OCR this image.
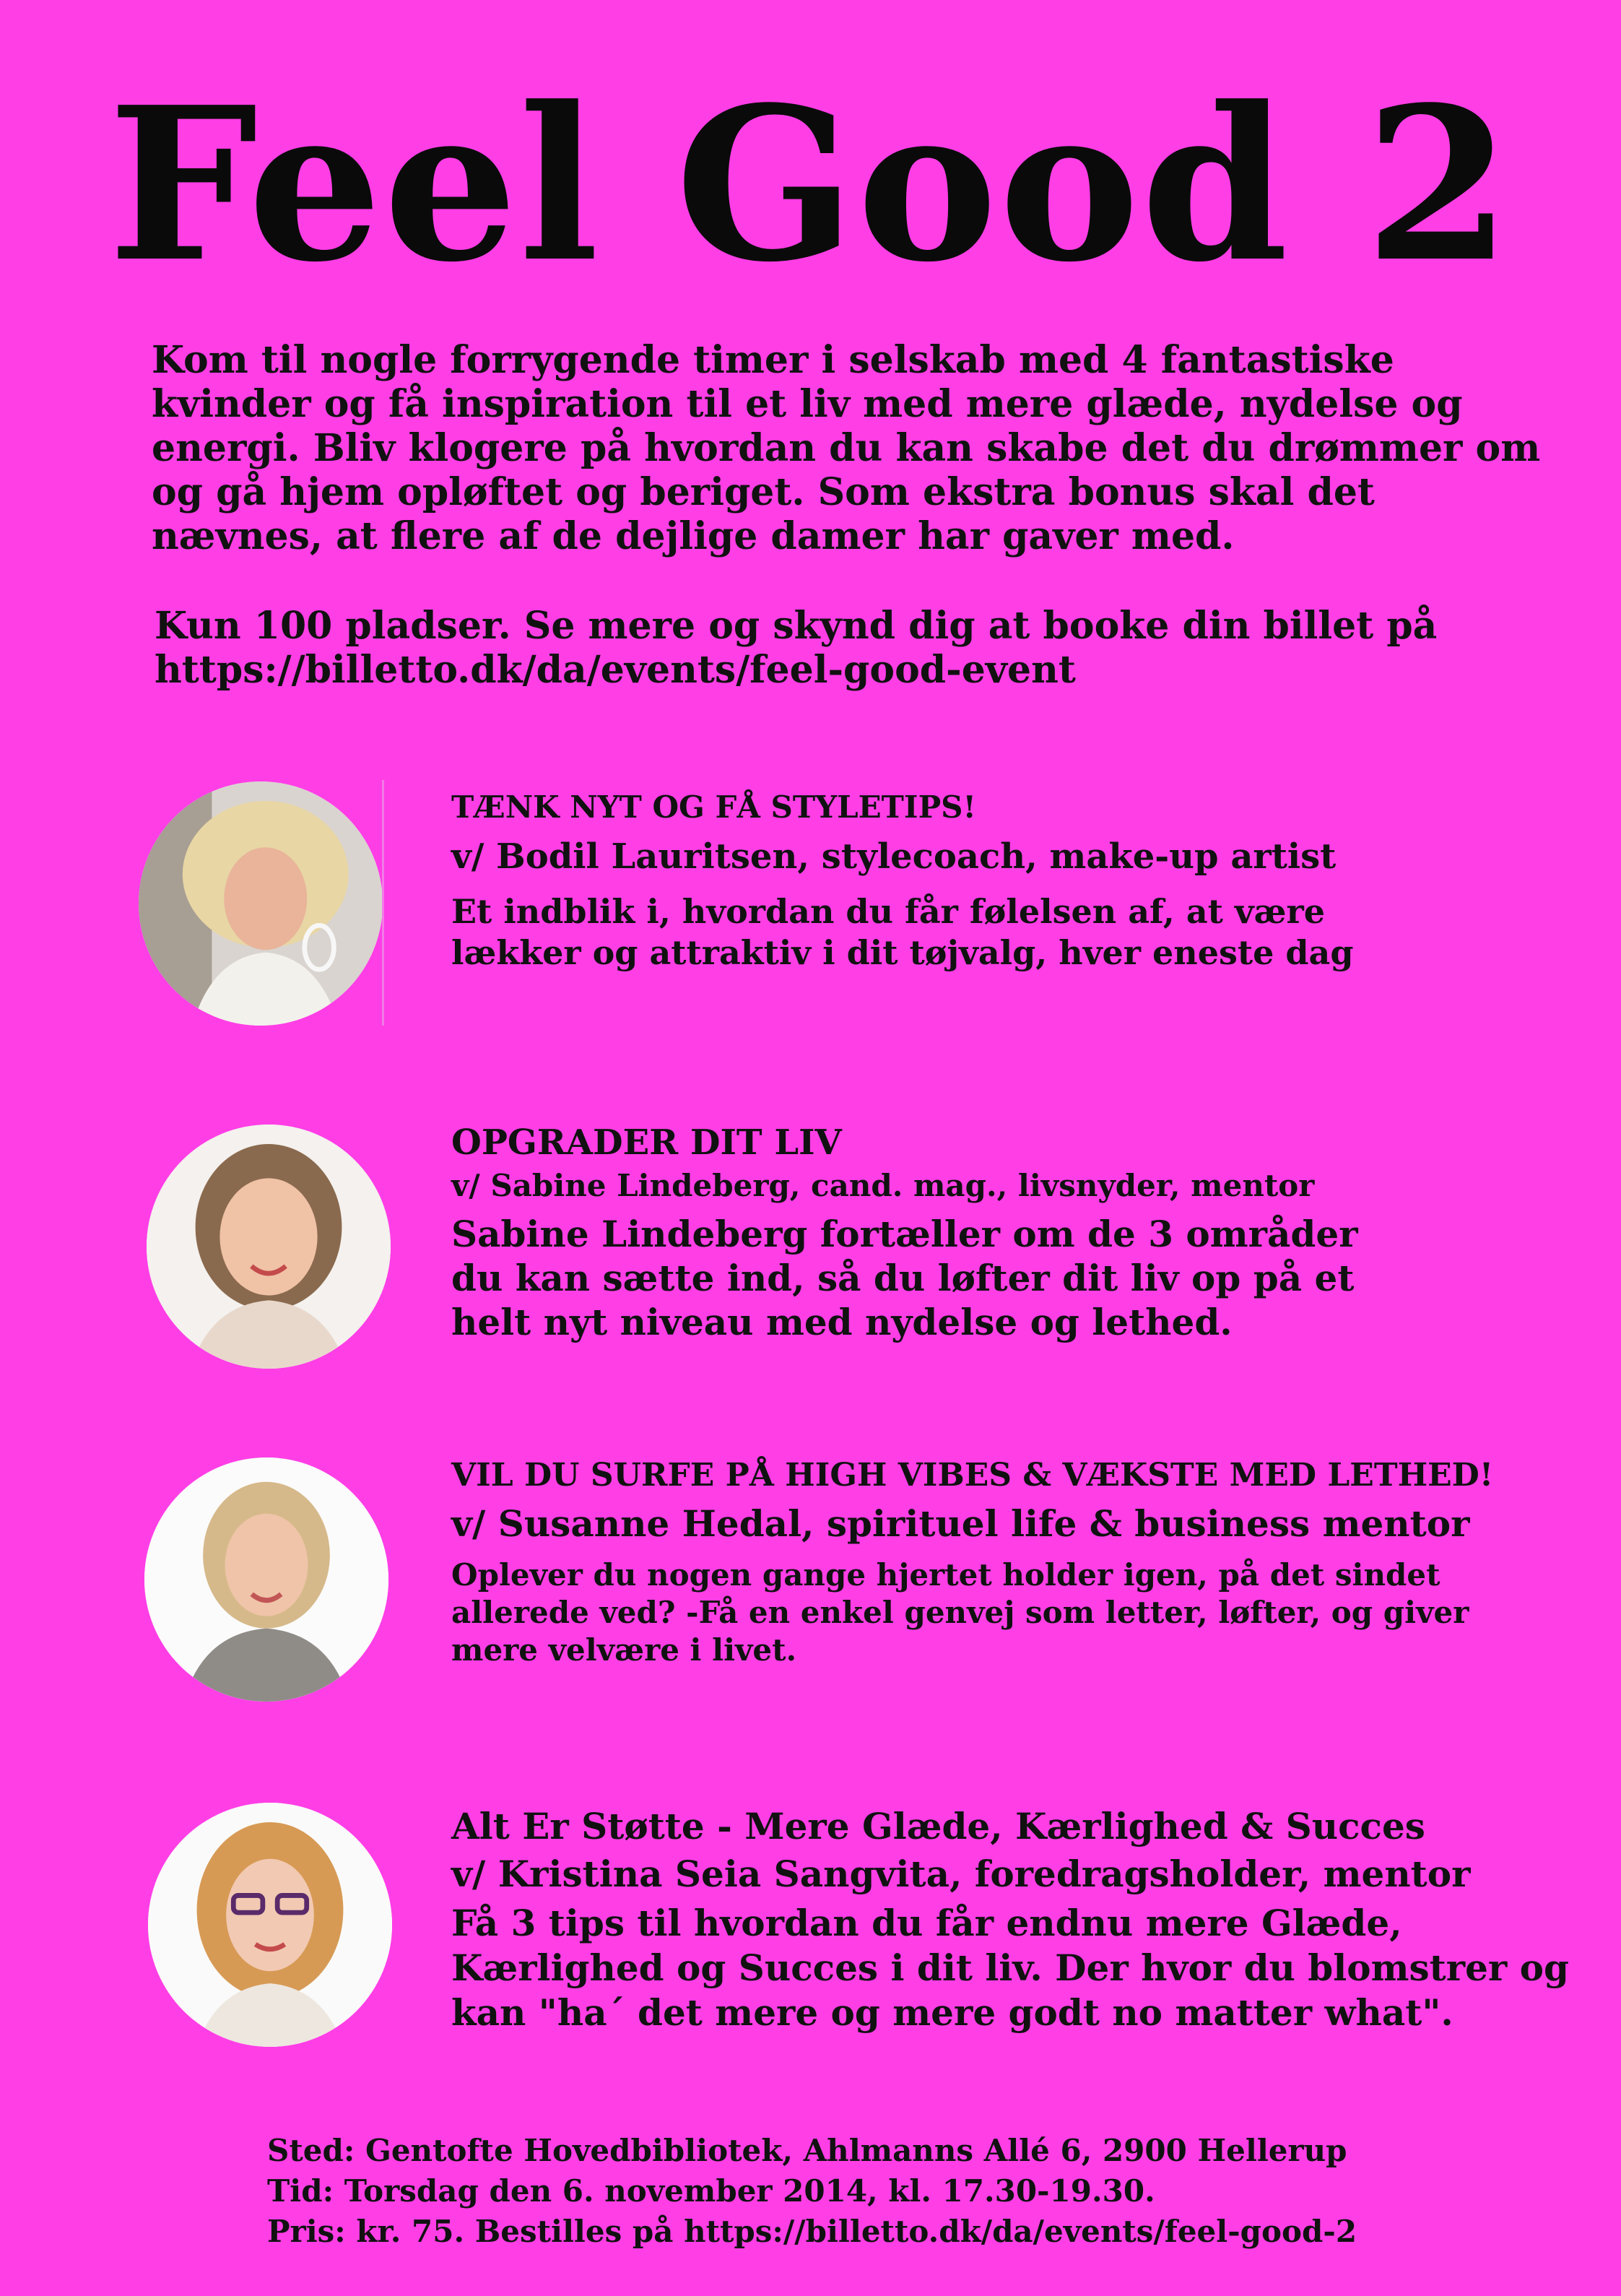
Feel Good 2

Kom til nogle forrygende timer i selskab med 4 fantastiske kvinder og få inspiration til et liv med mere glæde, nydelse og energi. Bliv klogere på hvordan du kan skabe det du drømmer om og gå hjem opløftet og beriget. Som ekstra bonus skal det nævnes, at flere af de dejlige damer har gaver med.

Kun 100 pladser. Se mere og skynd dig at booke din billet på
https://billetto.dk/da/events/feel-good-event

TÆNK NYT OG FÅ STYLETIPS!

v/ Bodil Lauritsen, stylecoach, make-up artist

Et indblik i, hvordan du får følelsen af, at være lækker og attraktiv i dit tøjvalg, hver eneste dag

OPGRADER DIT LIV

v/ Sabine Lindeberg, cand. mag., livsnyder, mentor

Sabine Lindeberg fortæller om de 3 områder du kan sætte ind, så du løfter dit liv op på et helt nyt niveau med nydelse og lethed.

VIL DU SURFE PÅ HIGH VIBES & VÆKSTE MED LETHED!

v/ Susanne Hedal, spirituel life & business mentor

Oplever du nogen gange hjertet holder igen, på det sindet allerede ved? -Få en enkel genvej som letter, løfter, og giver mere velvære i livet.

Alt Er Støtte - Mere Glæde, Kærlighed & Succes

v/ Kristina Seia Sangvita, foredragsholder, mentor

Få 3 tips til hvordan du får endnu mere Glæde, Kærlighed og Succes i dit liv. Der hvor du blomstrer og kan "ha´ det mere og mere godt no matter what".

Sted: Gentofte Hovedbibliotek, Ahlmanns Allé 6, 2900 Hellerup
Tid: Torsdag den 6. november 2014, kl. 17.30-19.30.
Pris: kr. 75. Bestilles på https://billetto.dk/da/events/feel-good-2
